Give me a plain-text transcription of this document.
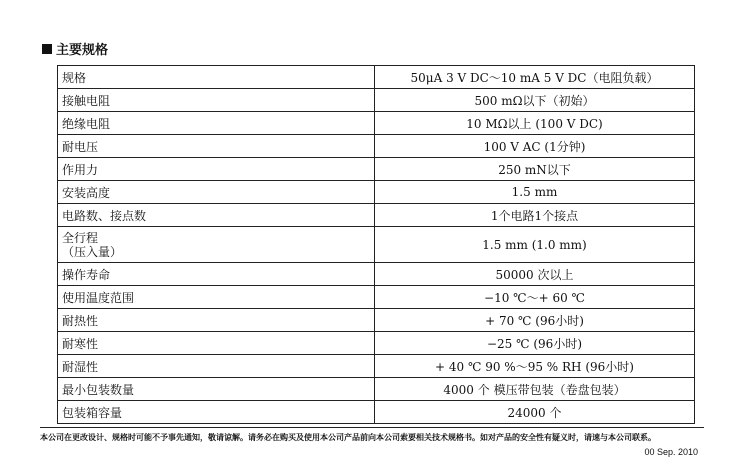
主要规格
规格	50μA 3 V DC～10 mA 5 V DC（电阻负载）
接触电阻	500 mΩ以下（初始）
绝缘电阻	10 MΩ以上 (100 V DC)
耐电压	100 V AC (1分钟)
作用力	250 mN以下
安装高度	1.5 mm
电路数、接点数	1个电路1个接点

全行程
（压入量）	1.5 mm (1.0 mm)
操作寿命	50000 次以上
使用温度范围	−10 ℃～+ 60 ℃
耐热性	+ 70 ℃ (96小时)
耐寒性	−25 ℃ (96小时)
耐湿性	+ 40 ℃ 90 %～95 % RH (96小时)
最小包装数量	4000 个 模压带包装（卷盘包装）
包装箱容量	24000 个
本公司在更改设计、规格时可能不予事先通知，敬请谅解。请务必在购买及使用本公司产品前向本公司索要相关技术规格书。如对产品的安全性有疑义时，请速与本公司联系。
00 Sep. 2010
